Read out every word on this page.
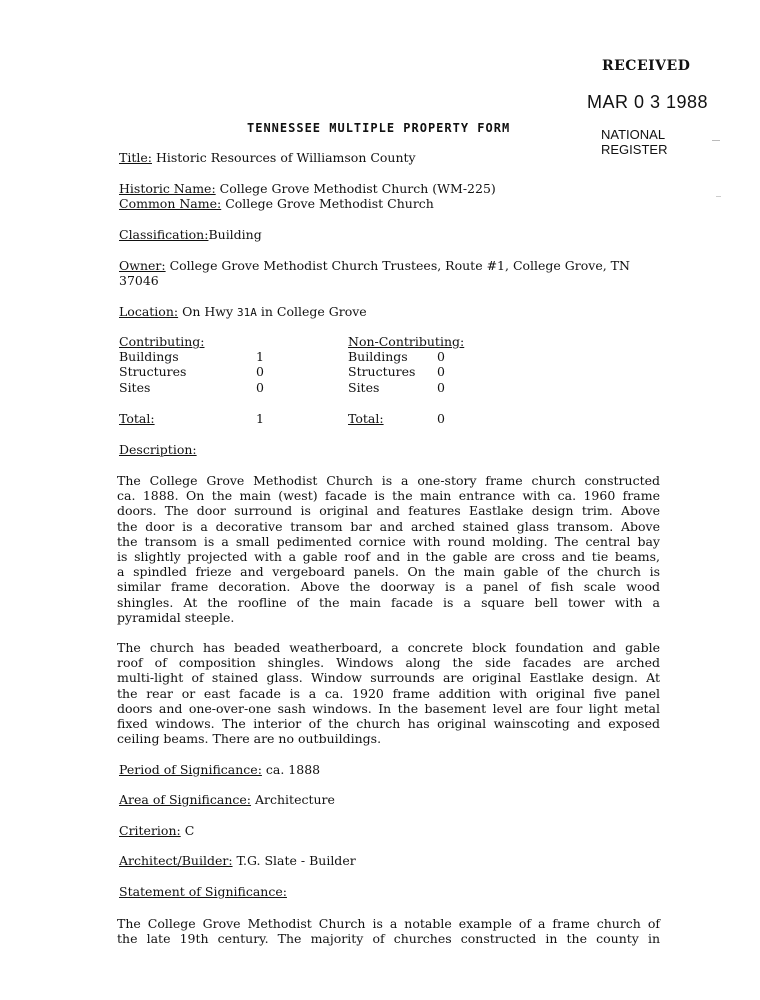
RECEIVED
MAR 0 3 1988
NATIONAL
REGISTER
TENNESSEE MULTIPLE PROPERTY FORM
Title: Historic Resources of Williamson County
Historic Name: College Grove Methodist Church (WM-225)
Common Name: College Grove Methodist Church
Classification:Building
Owner: College Grove Methodist Church Trustees, Route #1, College Grove, TN
37046
Location: On Hwy 31A in College Grove
Contributing:
Buildings	1
Structures	0
Sites	0
Total:	1
Non-Contributing:
Buildings 0
Structures 0
Sites	0
Total:	0
Description:
The College Grove Methodist Church is a one-story frame church constructed
ca. 1888. On the main (west) facade is the main entrance with ca. 1960 frame
doors. The door surround is original and features Eastlake design trim. Above
the door is a decorative transom bar and arched stained glass transom. Above
the transom is a small pedimented cornice with round molding. The central bay
is slightly projected with a gable roof and in the gable are cross and tie beams,
a spindled frieze and vergeboard panels. On the main gable of the church is
similar frame decoration. Above the doorway is a panel of fish scale wood
shingles. At the roofline of the main facade is a square bell tower with a
pyramidal steeple.
The church has beaded weatherboard, a concrete block foundation and gable
roof of composition shingles. Windows along the side facades are arched
multi-light of stained glass. Window surrounds are original Eastlake design. At
the rear or east facade is a ca. 1920 frame addition with original five panel
doors and one-over-one sash windows. In the basement level are four light metal
fixed windows. The interior of the church has original wainscoting and exposed
ceiling beams. There are no outbuildings.
Period of Significance: ca. 1888
Area of Significance: Architecture
Criterion: C
Architect/Builder: T.G. Slate - Builder
Statement of Significance:
The College Grove Methodist Church is a notable example of a frame church of
the late 19th century. The majority of churches constructed in the county in
